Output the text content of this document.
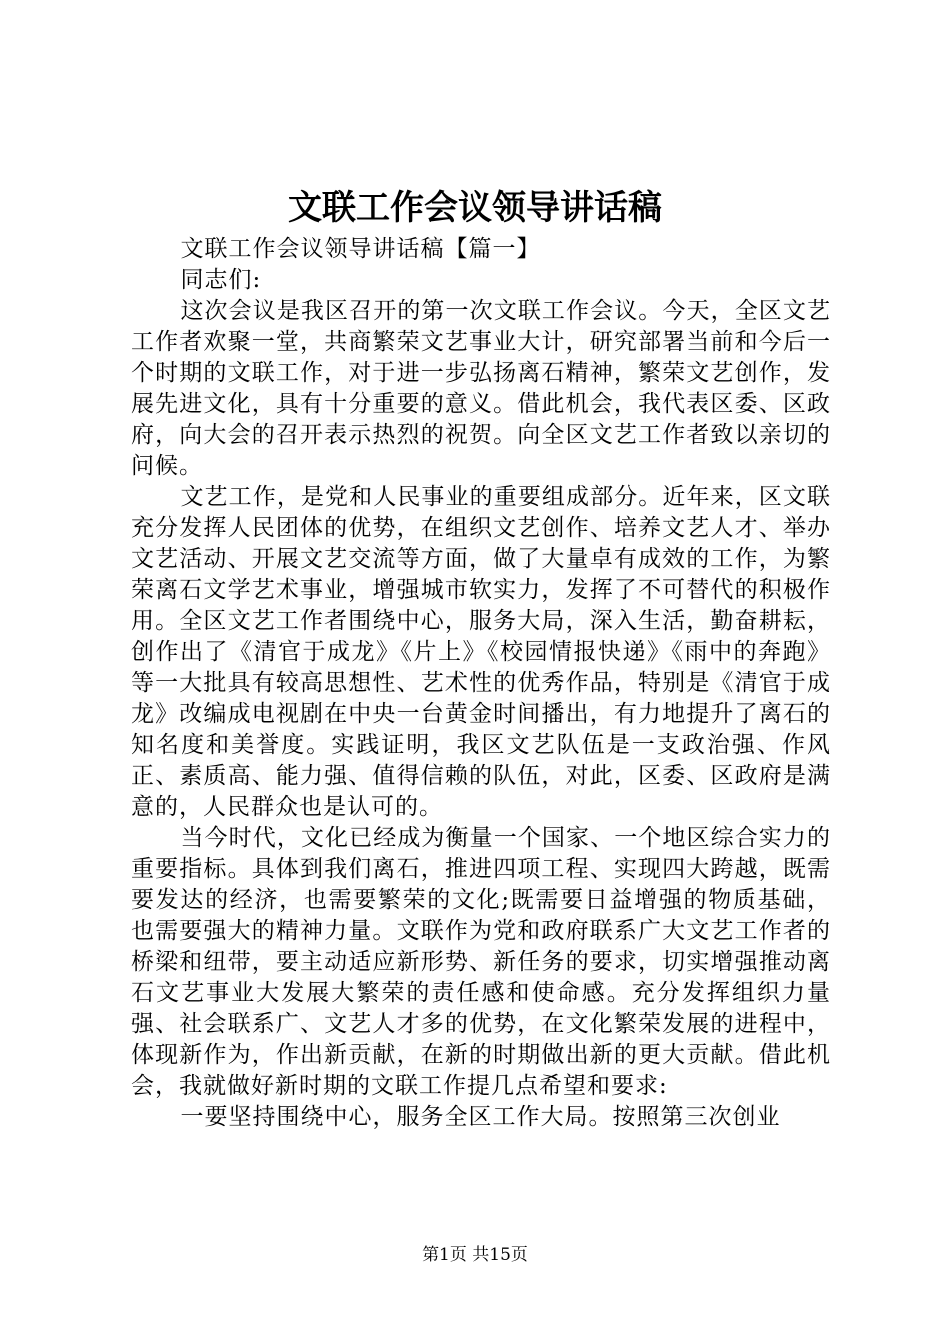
文联工作会议领导讲话稿

文联工作会议领导讲话稿【篇一】

同志们:

这次会议是我区召开的第一次文联工作会议。今天，全区文艺工作者欢聚一堂，共商繁荣文艺事业大计，研究部署当前和今后一个时期的文联工作，对于进一步弘扬离石精神，繁荣文艺创作，发展先进文化，具有十分重要的意义。借此机会，我代表区委、区政府，向大会的召开表示热烈的祝贺。向全区文艺工作者致以亲切的问候。

文艺工作，是党和人民事业的重要组成部分。近年来，区文联充分发挥人民团体的优势，在组织文艺创作、培养文艺人才、举办文艺活动、开展文艺交流等方面，做了大量卓有成效的工作，为繁荣离石文学艺术事业，增强城市软实力，发挥了不可替代的积极作用。全区文艺工作者围绕中心，服务大局，深入生活，勤奋耕耘，创作出了《清官于成龙》《片上》《校园情报快递》《雨中的奔跑》等一大批具有较高思想性、艺术性的优秀作品，特别是《清官于成龙》改编成电视剧在中央一台黄金时间播出，有力地提升了离石的知名度和美誉度。实践证明，我区文艺队伍是一支政治强、作风正、素质高、能力强、值得信赖的队伍，对此，区委、区政府是满意的，人民群众也是认可的。

当今时代，文化已经成为衡量一个国家、一个地区综合实力的重要指标。具体到我们离石，推进四项工程、实现四大跨越，既需要发达的经济，也需要繁荣的文化;既需要日益增强的物质基础，也需要强大的精神力量。文联作为党和政府联系广大文艺工作者的桥梁和纽带，要主动适应新形势、新任务的要求，切实增强推动离石文艺事业大发展大繁荣的责任感和使命感。充分发挥组织力量强、社会联系广、文艺人才多的优势，在文化繁荣发展的进程中，体现新作为，作出新贡献，在新的时期做出新的更大贡献。借此机会，我就做好新时期的文联工作提几点希望和要求:

一要坚持围绕中心，服务全区工作大局。按照第三次创业

第1页 共15页
